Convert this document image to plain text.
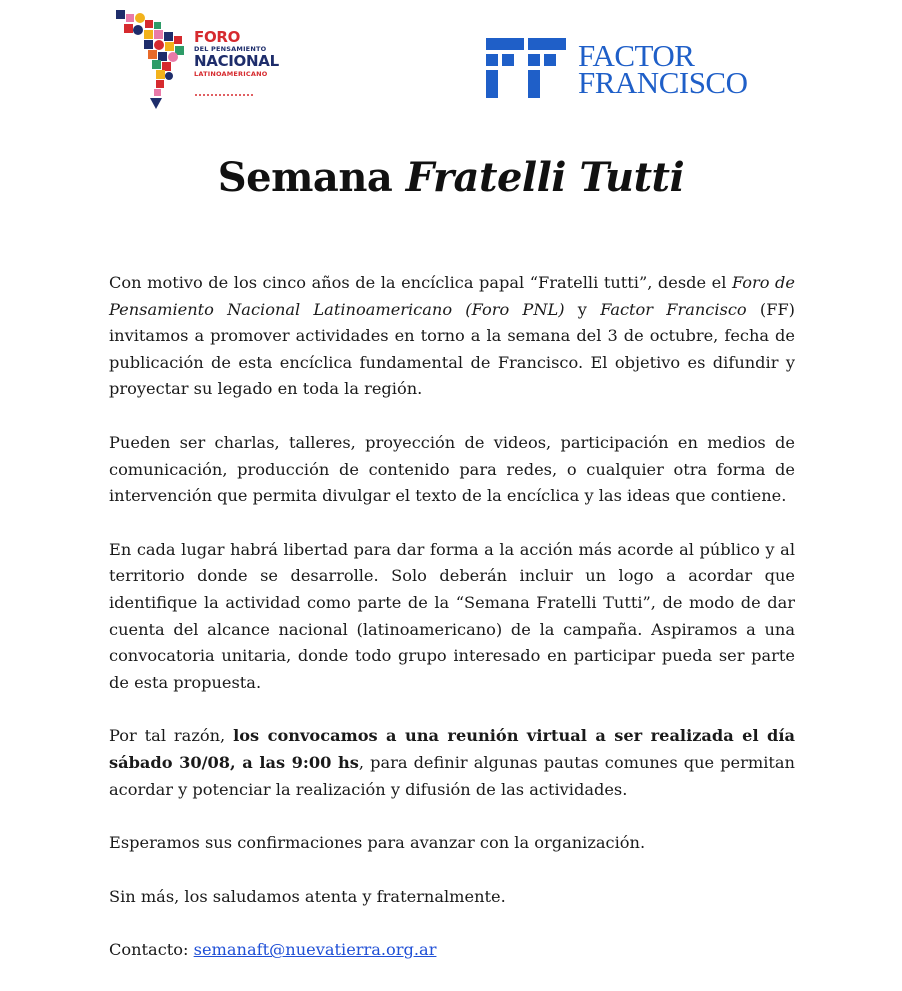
FORO
DEL PENSAMIENTO
NACIONAL
LATINOAMERICANO
FACTOR
FRANCISCO
Semana Fratelli Tutti

Con motivo de los cinco años de la encíclica papal “Fratelli tutti”, desde el Foro de Pensamiento Nacional Latinoamericano (Foro PNL) y Factor Francisco (FF) invitamos a promover actividades en torno a la semana del 3 de octubre, fecha de publicación de esta encíclica fundamental de Francisco. El objetivo es difundir y proyectar su legado en toda la región.

Pueden ser charlas, talleres, proyección de videos, participación en medios de comunicación, producción de contenido para redes, o cualquier otra forma de intervención que permita divulgar el texto de la encíclica y las ideas que contiene.

En cada lugar habrá libertad para dar forma a la acción más acorde al público y al territorio donde se desarrolle. Solo deberán incluir un logo a acordar que identifique la actividad como parte de la “Semana Fratelli Tutti”, de modo de dar cuenta del alcance nacional (latinoamericano) de la campaña. Aspiramos a una convocatoria unitaria, donde todo grupo interesado en participar pueda ser parte de esta propuesta.

Por tal razón, los convocamos a una reunión virtual a ser realizada el día sábado 30/08, a las 9:00 hs, para definir algunas pautas comunes que permitan acordar y potenciar la realización y difusión de las actividades.

Esperamos sus confirmaciones para avanzar con la organización.

Sin más, los saludamos atenta y fraternalmente.

Contacto: semanaft@nuevatierra.org.ar
